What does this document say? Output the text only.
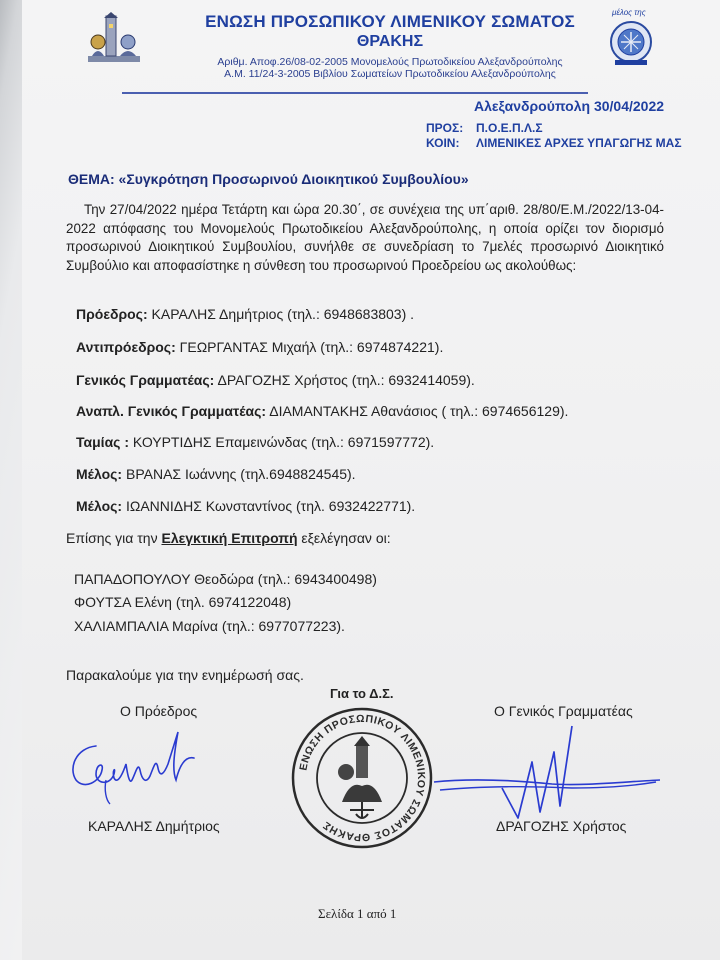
μέλος της
ΕΝΩΣΗ ΠΡΟΣΩΠΙΚΟΥ ΛΙΜΕΝΙΚΟΥ ΣΩΜΑΤΟΣ
ΘΡΑΚΗΣ
Αριθμ. Αποφ.26/08-02-2005 Μονομελούς Πρωτοδικείου Αλεξανδρούπολης
Α.Μ. 11/24-3-2005 Βιβλίου Σωματείων Πρωτοδικείου Αλεξανδρούπολης
Αλεξανδρούπολη 30/04/2022
ΠΡΟΣ: Π.Ο.Ε.Π.Λ.Σ
ΚΟΙΝ: ΛΙΜΕΝΙΚΕΣ ΑΡΧΕΣ ΥΠΑΓΩΓΗΣ ΜΑΣ
ΘΕΜΑ: «Συγκρότηση Προσωρινού Διοικητικού Συμβουλίου»
Την 27/04/2022 ημέρα Τετάρτη και ώρα 20.30΄, σε συνέχεια της υπ΄αριθ. 28/80/Ε.Μ./2022/13-04-2022 απόφασης του Μονομελούς Πρωτοδικείου Αλεξανδρούπολης, η οποία ορίζει τον διορισμό προσωρινού Διοικητικού Συμβουλίου, συνήλθε σε συνεδρίαση το 7μελές προσωρινό Διοικητικό Συμβούλιο και αποφασίστηκε η σύνθεση του προσωρινού Προεδρείου ως ακολούθως:
Πρόεδρος: ΚΑΡΑΛΗΣ Δημήτριος (τηλ.: 6948683803) .
Αντιπρόεδρος: ΓΕΩΡΓΑΝΤΑΣ Μιχαήλ (τηλ.: 6974874221).
Γενικός Γραμματέας: ΔΡΑΓΟΖΗΣ Χρήστος (τηλ.: 6932414059).
Αναπλ. Γενικός Γραμματέας: ΔΙΑΜΑΝΤΑΚΗΣ Αθανάσιος ( τηλ.: 6974656129).
Ταμίας : ΚΟΥΡΤΙΔΗΣ Επαμεινώνδας (τηλ.: 6971597772).
Μέλος: ΒΡΑΝΑΣ Ιωάννης (τηλ.6948824545).
Μέλος: ΙΩΑΝΝΙΔΗΣ Κωνσταντίνος (τηλ. 6932422771).
Επίσης για την Ελεγκτική Επιτροπή εξελέγησαν οι:
ΠΑΠΑΔΟΠΟΥΛΟΥ Θεοδώρα (τηλ.: 6943400498)
ΦΟΥΤΣΑ Ελένη (τηλ. 6974122048)
ΧΑΛΙΑΜΠΑΛΙΑ Μαρίνα (τηλ.: 6977077223).
Παρακαλούμε για την ενημέρωσή σας.
Για το Δ.Σ.
Ο Πρόεδρος	Ο Γενικός Γραμματέας
ΕΝΩΣΗ ΠΡΟΣΩΠΙΚΟΥ ΛΙΜΕΝΙΚΟΥ ΣΩΜΑΤΟΣ ΘΡΑΚΗΣ
ΚΑΡΑΛΗΣ Δημήτριος	ΔΡΑΓΟΖΗΣ Χρήστος
Σελίδα 1 από 1
